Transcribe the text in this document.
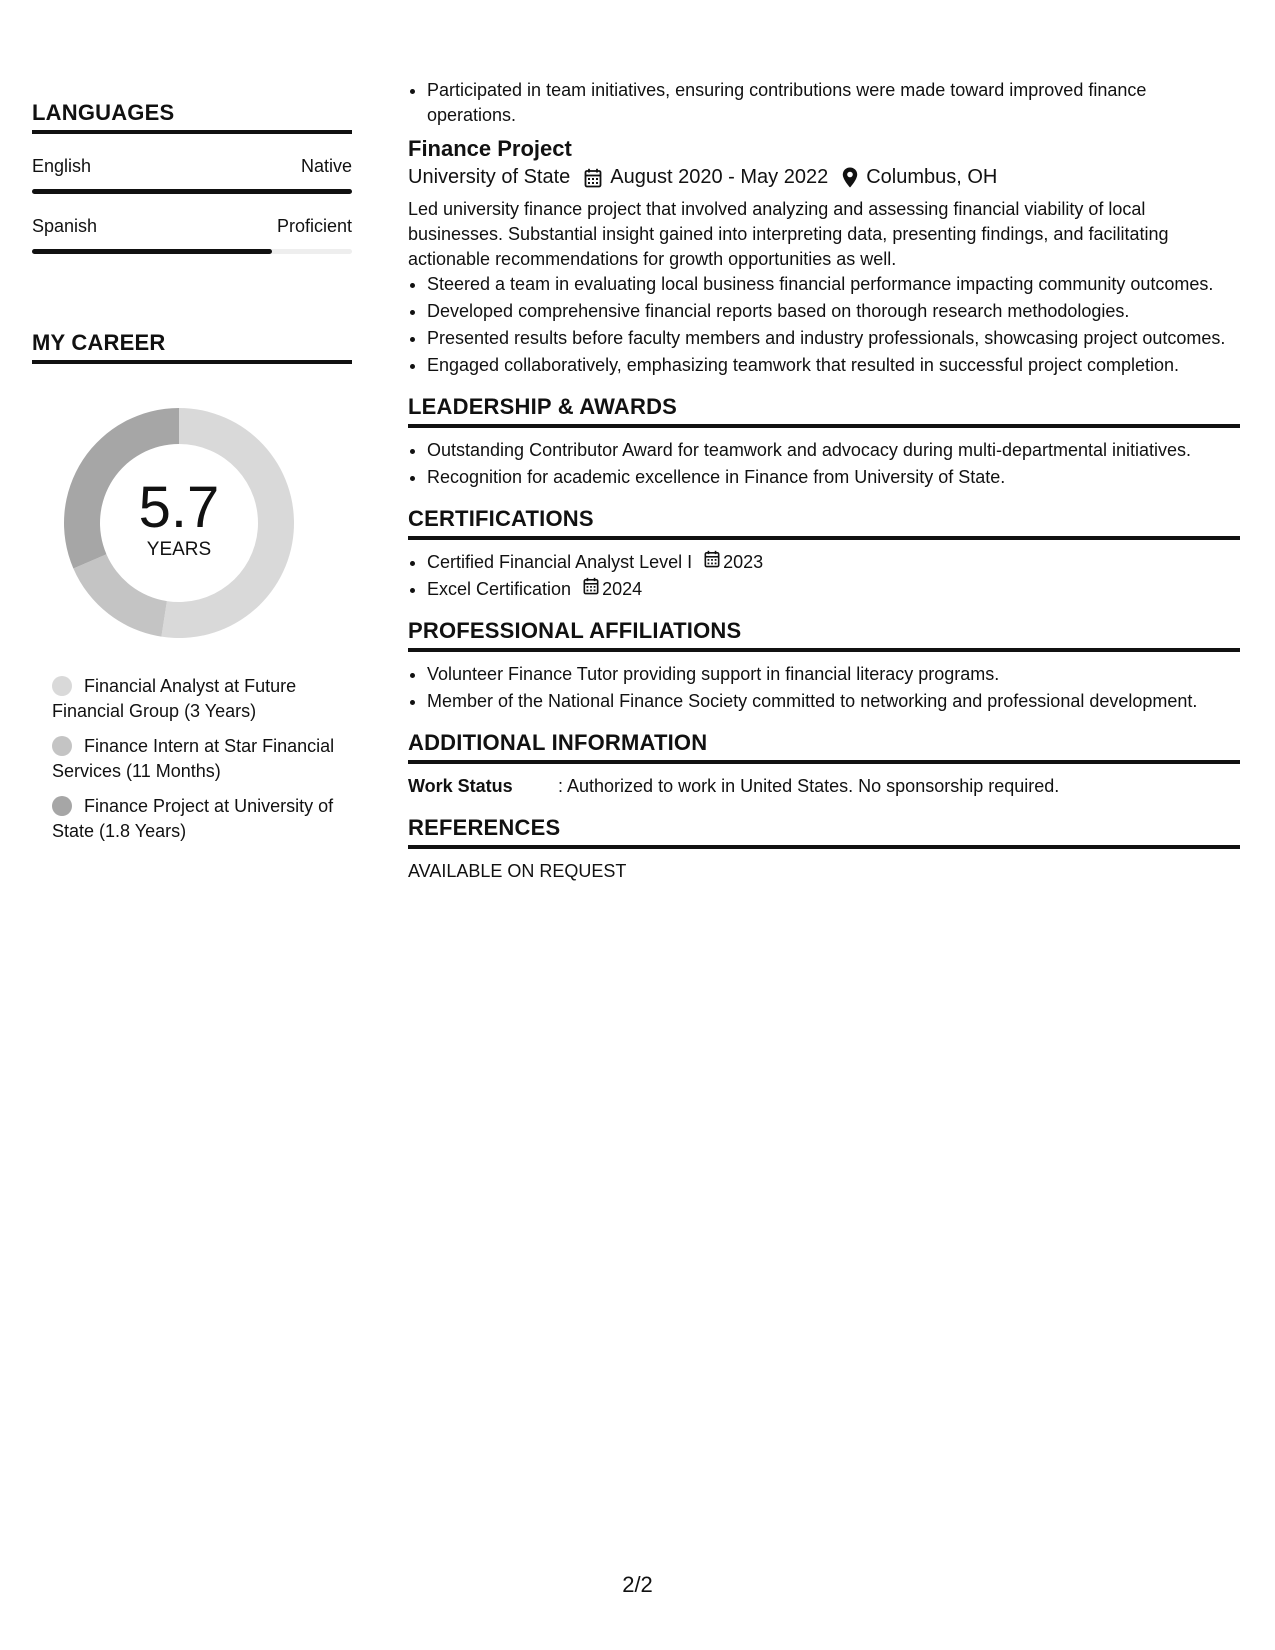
LANGUAGES
English	Native
Spanish	Proficient
MY CAREER
5.7
YEARS
Financial Analyst at Future Financial Group (3 Years)
Finance Intern at Star Financial Services (11 Months)
Finance Project at University of State (1.8 Years)
• Participated in team initiatives, ensuring contributions were made toward improved finance operations.
Finance Project
University of State August 2020 - May 2022 Columbus, OH

Led university finance project that involved analyzing and assessing financial viability of local businesses. Substantial insight gained into interpreting data, presenting findings, and facilitating actionable recommendations for growth opportunities as well.

• Steered a team in evaluating local business financial performance impacting community outcomes.
• Developed comprehensive financial reports based on thorough research methodologies.
• Presented results before faculty members and industry professionals, showcasing project outcomes.
• Engaged collaboratively, emphasizing teamwork that resulted in successful project completion.
LEADERSHIP & AWARDS
• Outstanding Contributor Award for teamwork and advocacy during multi-departmental initiatives.
• Recognition for academic excellence in Finance from University of State.
CERTIFICATIONS
• Certified Financial Analyst Level I 2023
• Excel Certification 2024
PROFESSIONAL AFFILIATIONS
• Volunteer Finance Tutor providing support in financial literacy programs.
• Member of the National Finance Society committed to networking and professional development.
ADDITIONAL INFORMATION
Work Status	: Authorized to work in United States. No sponsorship required.
REFERENCES
AVAILABLE ON REQUEST
2/2
